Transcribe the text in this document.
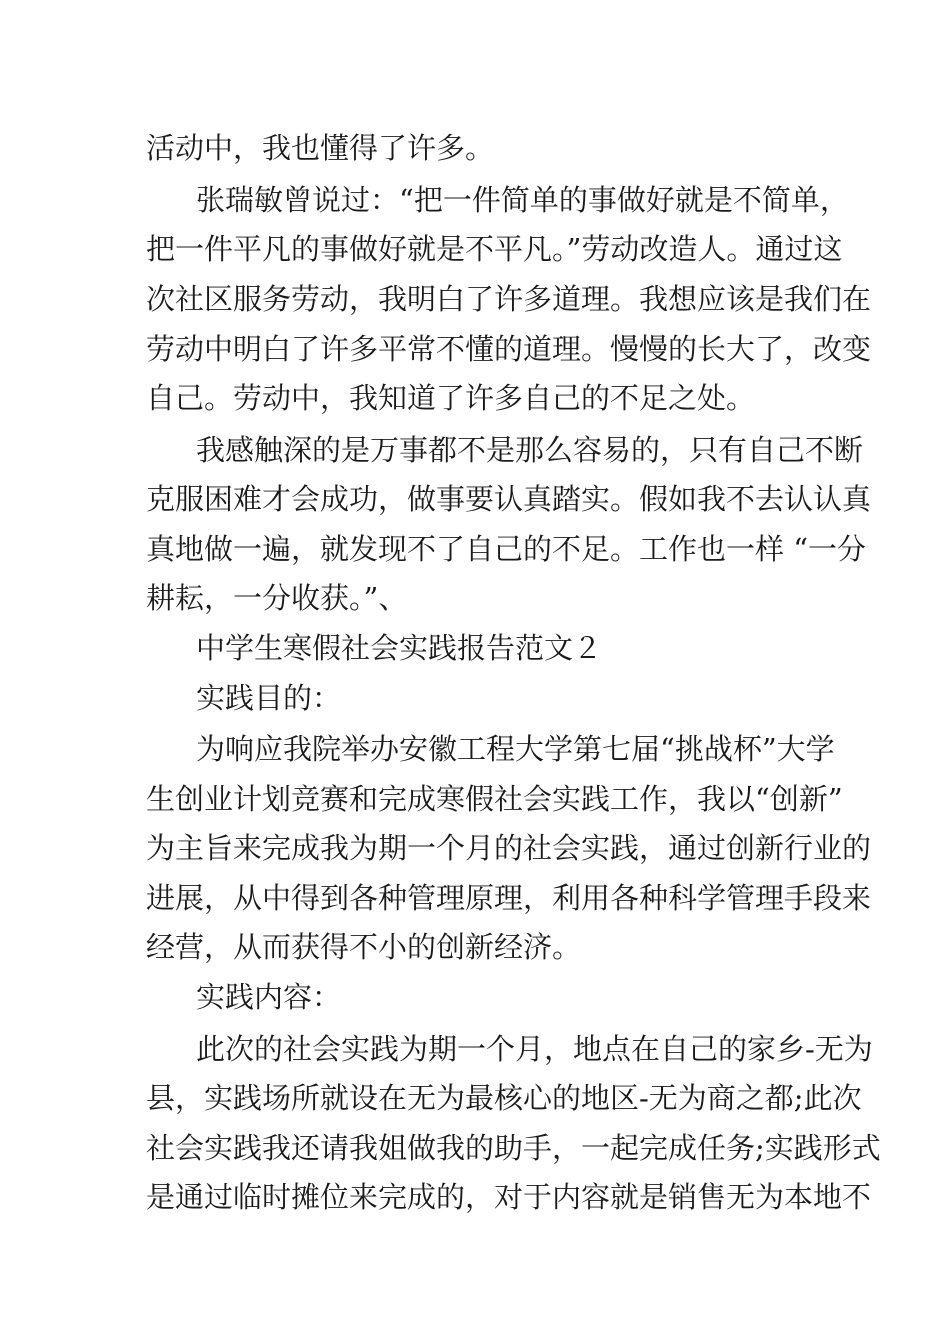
活动中，我也懂得了许多。
张瑞敏曾说过：“把一件简单的事做好就是不简单，
把一件平凡的事做好就是不平凡。”劳动改造人。通过这
次社区服务劳动，我明白了许多道理。我想应该是我们在
劳动中明白了许多平常不懂的道理。慢慢的长大了，改变
自己。劳动中，我知道了许多自己的不足之处。
我感触深的是万事都不是那么容易的，只有自己不断
克服困难才会成功，做事要认真踏实。假如我不去认认真
真地做一遍，就发现不了自己的不足。工作也一样 “一分
耕耘，一分收获。”、
中学生寒假社会实践报告范文２
实践目的：
为响应我院举办安徽工程大学第七届“挑战杯”大学
生创业计划竞赛和完成寒假社会实践工作，我以“创新”
为主旨来完成我为期一个月的社会实践，通过创新行业的
进展，从中得到各种管理原理，利用各种科学管理手段来
经营，从而获得不小的创新经济。
实践内容：
此次的社会实践为期一个月，地点在自己的家乡-无为
县，实践场所就设在无为最核心的地区-无为商之都;此次
社会实践我还请我姐做我的助手，一起完成任务;实践形式
是通过临时摊位来完成的，对于内容就是销售无为本地不
